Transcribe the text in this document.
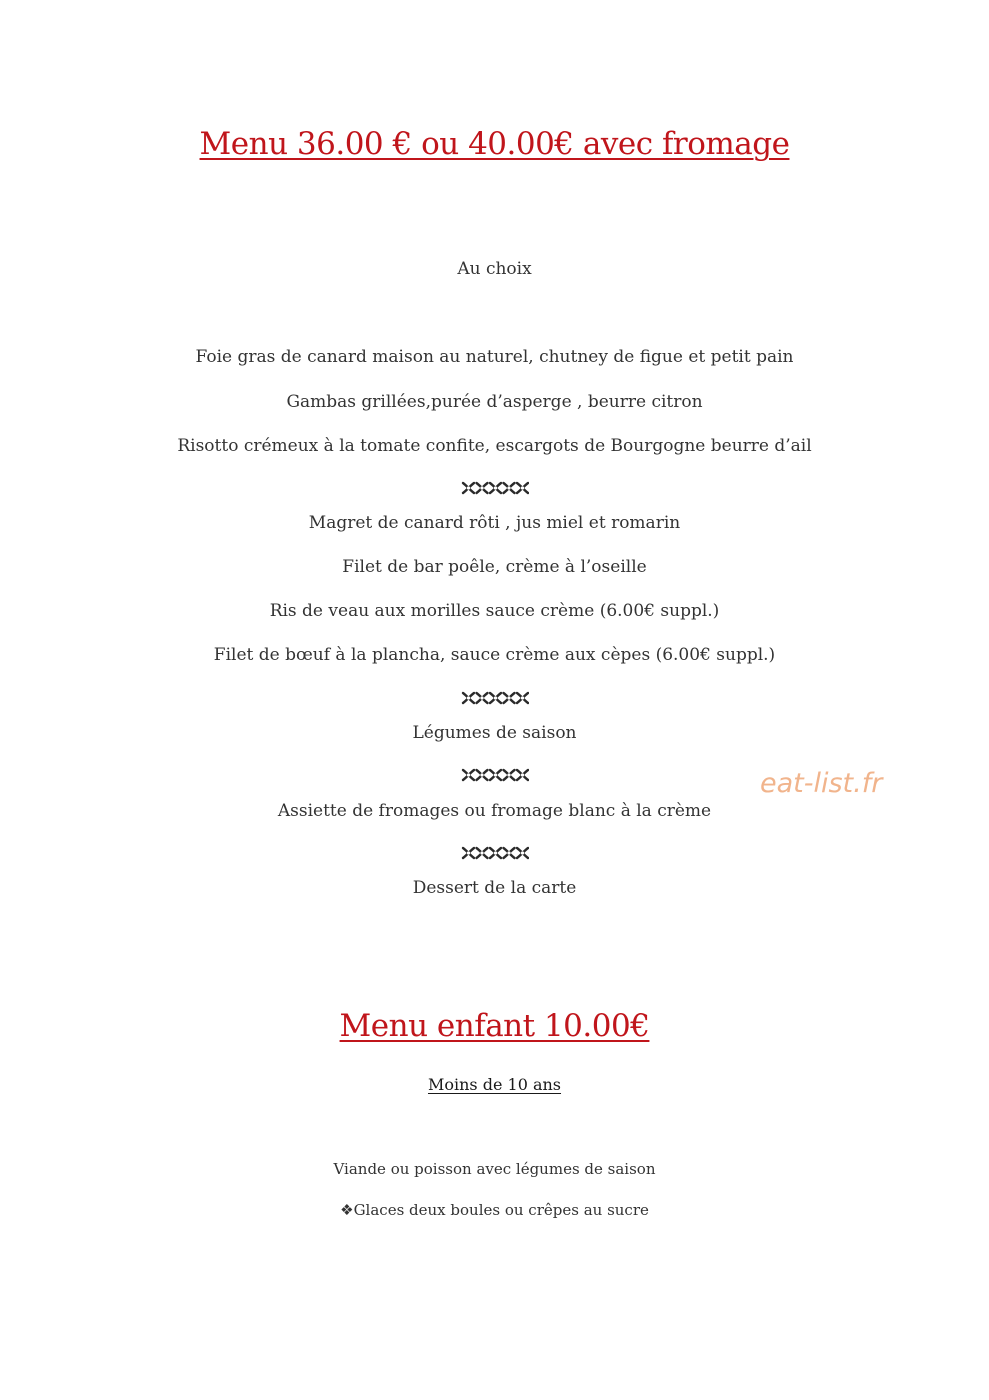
Menu 36.00 € ou 40.00€ avec fromage
Au choix
Foie gras de canard maison au naturel, chutney de figue et petit pain
Gambas grillées,purée d’asperge , beurre citron
Risotto crémeux à la tomate confite, escargots de Bourgogne beurre d’ail
Magret de canard rôti , jus miel et romarin
Filet de bar poêle, crème à l’oseille
Ris de veau aux morilles sauce crème (6.00€ suppl.)
Filet de bœuf à la plancha, sauce crème aux cèpes (6.00€ suppl.)
Légumes de saison
Assiette de fromages ou fromage blanc à la crème
Dessert de la carte
Menu enfant 10.00€
Moins de 10 ans
Viande ou poisson avec légumes de saison
❖Glaces deux boules ou crêpes au sucre
eat-list.fr
